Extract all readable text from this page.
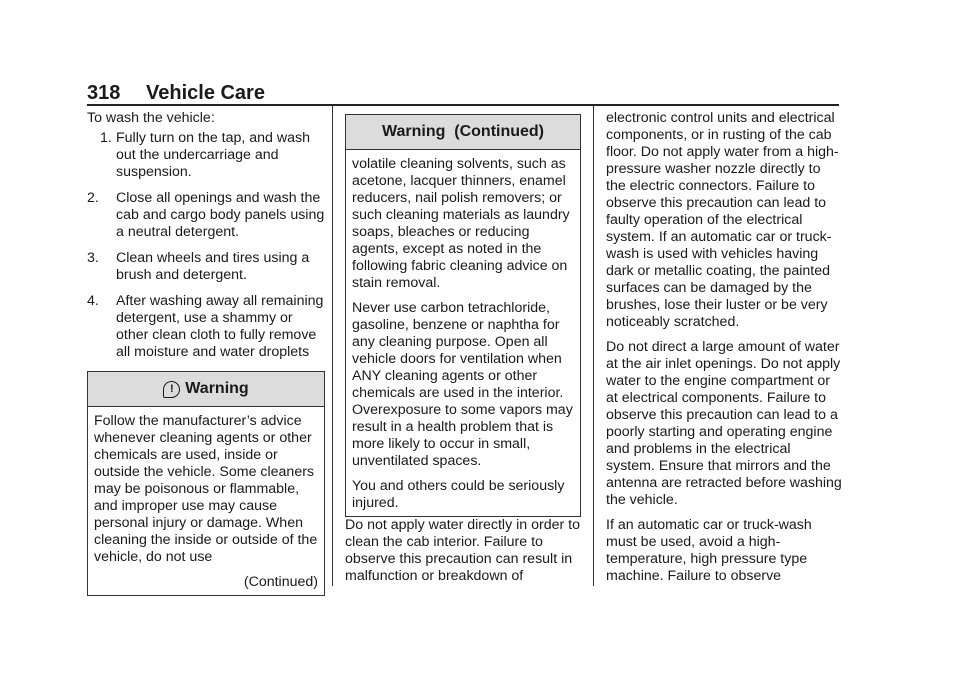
318 Vehicle Care

To wash the vehicle:

1. Fully turn on the tap, and wash out the undercarriage and suspension.
2. Close all openings and wash the cab and cargo body panels using a neutral detergent.
3. Clean wheels and tires using a brush and detergent.
4. After washing away all remaining detergent, use a shammy or other clean cloth to fully remove all moisture and water droplets
! Warning

Follow the manufacturer’s advice whenever cleaning agents or other chemicals are used, inside or outside the vehicle. Some cleaners may be poisonous or flammable, and improper use may cause personal injury or damage. When cleaning the inside or outside of the vehicle, do not use

(Continued)

Warning  (Continued)

volatile cleaning solvents, such as acetone, lacquer thinners, enamel reducers, nail polish removers; or such cleaning materials as laundry soaps, bleaches or reducing agents, except as noted in the following fabric cleaning advice on stain removal.

Never use carbon tetrachloride, gasoline, benzene or naphtha for any cleaning purpose. Open all vehicle doors for ventilation when ANY cleaning agents or other chemicals are used in the interior. Overexposure to some vapors may result in a health problem that is more likely to occur in small, unventilated spaces.

You and others could be seriously injured.

Do not apply water directly in order to clean the cab interior. Failure to observe this precaution can result in malfunction or breakdown of

electronic control units and electrical components, or in rusting of the cab floor. Do not apply water from a high-pressure washer nozzle directly to the electric connectors. Failure to observe this precaution can lead to faulty operation of the electrical system. If an automatic car or truck-wash is used with vehicles having dark or metallic coating, the painted surfaces can be damaged by the brushes, lose their luster or be very noticeably scratched.

Do not direct a large amount of water at the air inlet openings. Do not apply water to the engine compartment or at electrical components. Failure to observe this precaution can lead to a poorly starting and operating engine and problems in the electrical system. Ensure that mirrors and the antenna are retracted before washing the vehicle.

If an automatic car or truck-wash must be used, avoid a high-temperature, high pressure type machine. Failure to observe
